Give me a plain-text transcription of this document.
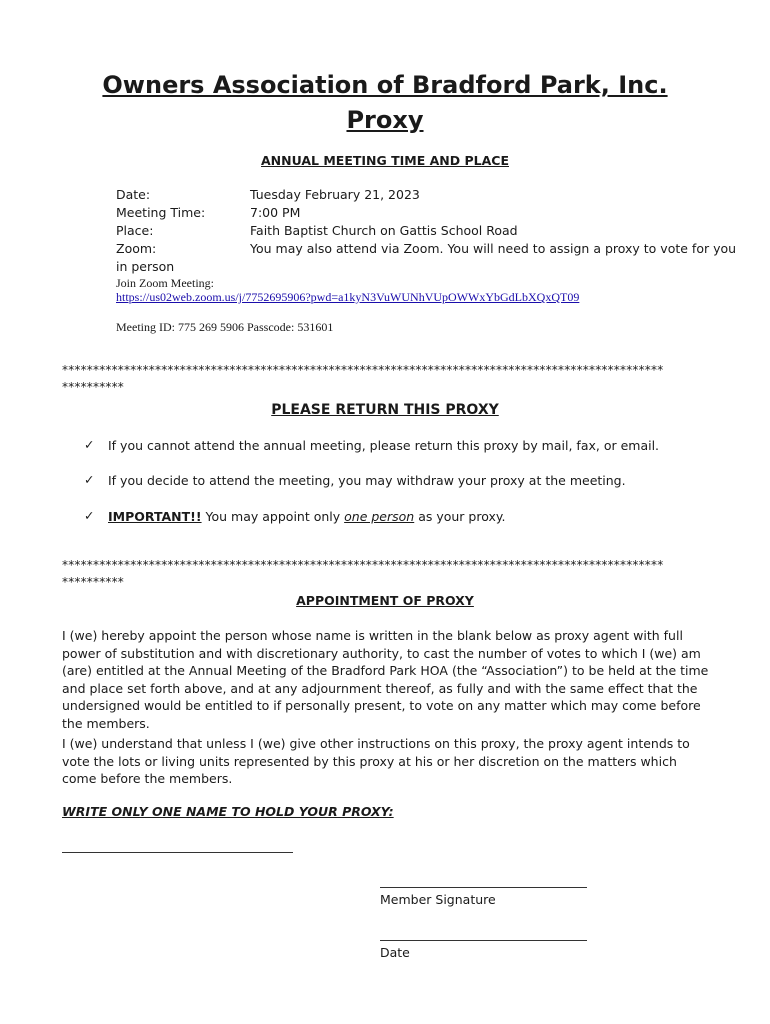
Owners Association of Bradford Park, Inc.
Proxy
ANNUAL MEETING TIME AND PLACE
Date:	Tuesday February 21, 2023
Meeting Time:	7:00 PM
Place:	Faith Baptist Church on Gattis School Road
Zoom:	You may also attend via Zoom. You will need to assign a proxy to vote for you
in person
Join Zoom Meeting:
https://us02web.zoom.us/j/7752695906?pwd=a1kyN3VuWUNhVUpOWWxYbGdLbXQxQT09
Meeting ID: 775 269 5906 Passcode: 531601
*************************************************************************************************
**********
PLEASE RETURN THIS PROXY
✓ If you cannot attend the annual meeting, please return this proxy by mail, fax, or email.
✓ If you decide to attend the meeting, you may withdraw your proxy at the meeting.
✓ IMPORTANT!! You may appoint only one person as your proxy.
*************************************************************************************************
**********
APPOINTMENT OF PROXY
I (we) hereby appoint the person whose name is written in the blank below as proxy agent with full power of substitution and with discretionary authority, to cast the number of votes to which I (we) am (are) entitled at the Annual Meeting of the Bradford Park HOA (the “Association”) to be held at the time and place set forth above, and at any adjournment thereof, as fully and with the same effect that the undersigned would be entitled to if personally present, to vote on any matter which may come before the members.
I (we) understand that unless I (we) give other instructions on this proxy, the proxy agent intends to vote the lots or living units represented by this proxy at his or her discretion on the matters which come before the members.
WRITE ONLY ONE NAME TO HOLD YOUR PROXY:
Member Signature
Date
